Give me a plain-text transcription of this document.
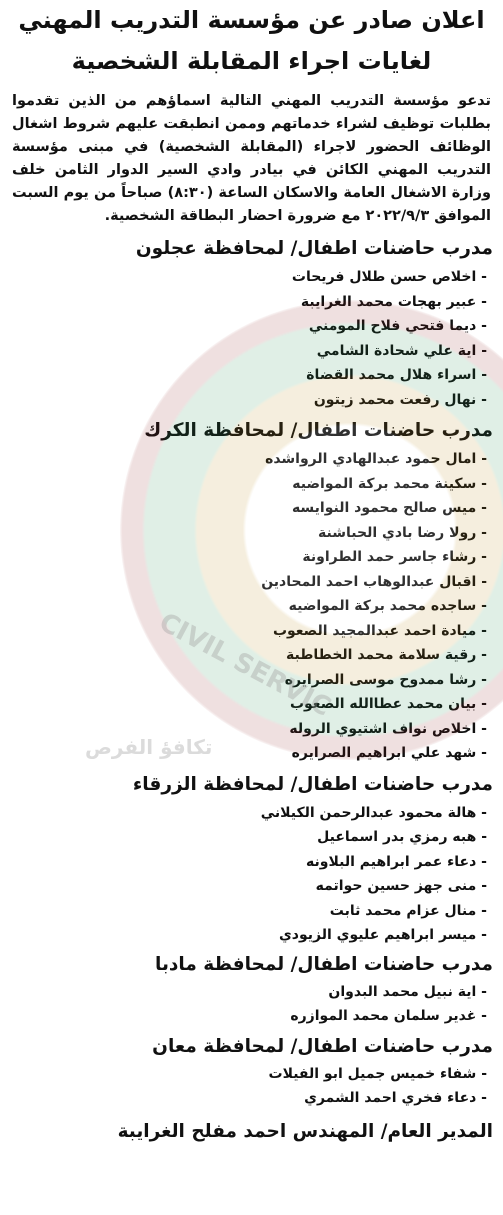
CIVIL SERVIC
تكافؤ الفرص
اعلان صادر عن مؤسسة التدريب المهني
لغايات اجراء المقابلة الشخصية

تدعو مؤسسة التدريب المهني التالية اسماؤهم من الذين تقدموا بطلبات توظيف لشراء خدماتهم وممن انطبقت عليهم شروط اشغال الوظائف الحضور لاجراء (المقابلة الشخصية) في مبنى مؤسسة التدريب المهني الكائن في بيادر وادي السير الدوار الثامن خلف وزارة الاشغال العامة والاسكان الساعة (٨:٣٠) صباحاً من يوم السبت الموافق ٢٠٢٢/٩/٣ مع ضرورة احضار البطاقة الشخصية.

مدرب حاضنات اطفال/ لمحافظة عجلون
- اخلاص حسن طلال فريحات
- عبير بهجات محمد الغرايبة
- ديما فتحي فلاح المومني
- اية علي شحادة الشامي
- اسراء هلال محمد القضاة
- نهال رفعت محمد زيتون
مدرب حاضنات اطفال/ لمحافظة الكرك
- امال حمود عبدالهادي الرواشده
- سكينة محمد بركة المواضيه
- ميس صالح محمود النوايسه
- رولا رضا بادي الحباشنة
- رشاء جاسر حمد الطراونة
- اقبال عبدالوهاب احمد المحادين
- ساجده محمد بركة المواضيه
- ميادة احمد عبدالمجيد الصعوب
- رقية سلامة محمد الخطاطبة
- رشا ممدوح موسى الصرايره
- بيان محمد عطاالله الصعوب
- اخلاص نواف اشتيوي الروله
- شهد علي ابراهيم الصرايره
مدرب حاضنات اطفال/ لمحافظة الزرقاء
- هالة محمود عبدالرحمن الكيلاني
- هبه رمزي بدر اسماعيل
- دعاء عمر ابراهيم البلاونه
- منى جهز حسين حواتمه
- منال عزام محمد ثابت
- ميسر ابراهيم عليوي الزيودي
مدرب حاضنات اطفال/ لمحافظة مادبا
- اية نبيل محمد البدوان
- غدير سلمان محمد الموازره
مدرب حاضنات اطفال/ لمحافظة معان
- شفاء خميس جميل ابو الفيلات
- دعاء فخري احمد الشمري

المدير العام/ المهندس احمد مفلح الغرايبة
